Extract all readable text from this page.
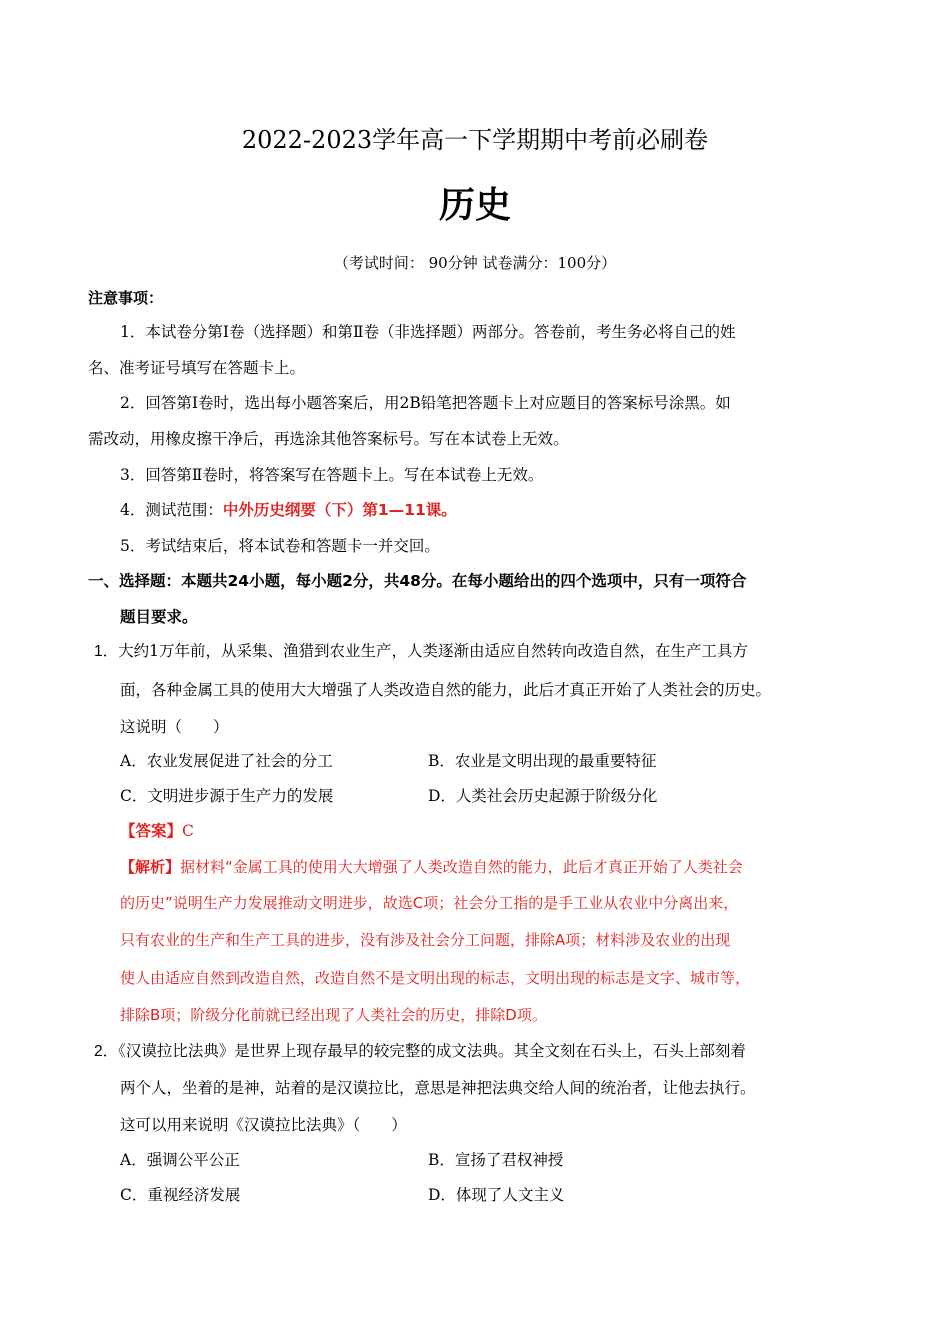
2022-2023学年高一下学期期中考前必刷卷
历史
（考试时间： 90分钟 试卷满分：100分）
注意事项：
1．本试卷分第Ⅰ卷（选择题）和第Ⅱ卷（非选择题）两部分。答卷前，考生务必将自己的姓
名、准考证号填写在答题卡上。
2．回答第Ⅰ卷时，选出每小题答案后，用2B铅笔把答题卡上对应题目的答案标号涂黑。如
需改动，用橡皮擦干净后，再选涂其他答案标号。写在本试卷上无效。
3．回答第Ⅱ卷时，将答案写在答题卡上。写在本试卷上无效。
4．测试范围：中外历史纲要（下）第1—11课。
5．考试结束后，将本试卷和答题卡一并交回。
一、选择题：本题共24小题，每小题2分，共48分。在每小题给出的四个选项中，只有一项符合
题目要求。
1．大约1万年前，从采集、渔猎到农业生产，人类逐渐由适应自然转向改造自然，在生产工具方
面，各种金属工具的使用大大增强了人类改造自然的能力，此后才真正开始了人类社会的历史。
这说明（　　）
A．农业发展促进了社会的分工	B．农业是文明出现的最重要特征
C．文明进步源于生产力的发展	D．人类社会历史起源于阶级分化
【答案】C
【解析】据材料“金属工具的使用大大增强了人类改造自然的能力，此后才真正开始了人类社会
的历史”说明生产力发展推动文明进步，故选C项；社会分工指的是手工业从农业中分离出来，
只有农业的生产和生产工具的进步，没有涉及社会分工问题，排除A项；材料涉及农业的出现
使人由适应自然到改造自然，改造自然不是文明出现的标志，文明出现的标志是文字、城市等，
排除B项；阶级分化前就已经出现了人类社会的历史，排除D项。
2．《汉谟拉比法典》是世界上现存最早的较完整的成文法典。其全文刻在石头上，石头上部刻着
两个人，坐着的是神，站着的是汉谟拉比，意思是神把法典交给人间的统治者，让他去执行。
这可以用来说明《汉谟拉比法典》（　　）
A．强调公平公正	B．宣扬了君权神授
C．重视经济发展	D．体现了人文主义
